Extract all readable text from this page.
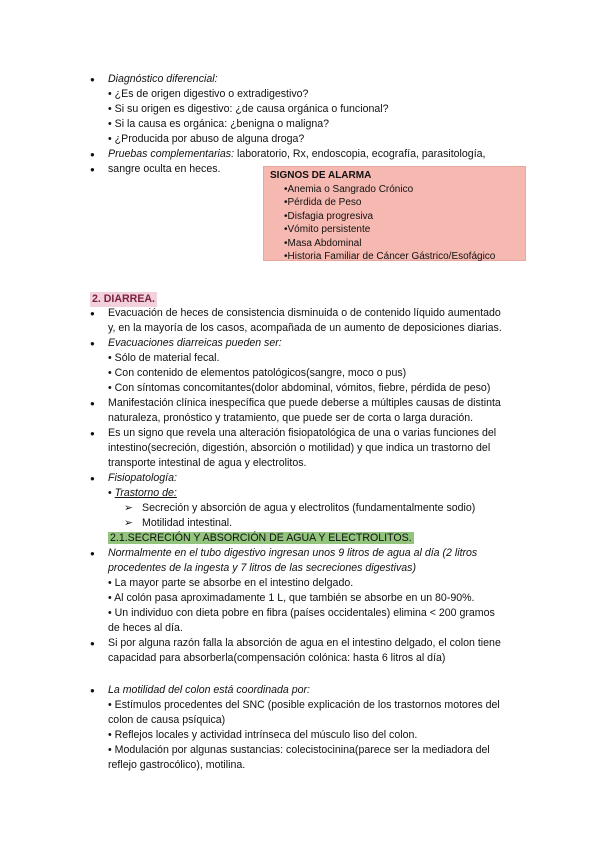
● Diagnóstico diferencial:
• ¿Es de origen digestivo o extradigestivo?
• Si su origen es digestivo: ¿de causa orgánica o funcional?
• Si la causa es orgánica: ¿benigna o maligna?
• ¿Producida por abuso de alguna droga?
● Pruebas complementarias: laboratorio, Rx, endoscopia, ecografía, parasitología,
● sangre oculta en heces.
SIGNOS DE ALARMA
•Anemia o Sangrado Crónico
•Pérdida de Peso
•Disfagia progresiva
•Vómito persistente
•Masa Abdominal
•Historia Familiar de Cáncer Gástrico/Esofágico
2. DIARREA.
● Evacuación de heces de consistencia disminuida o de contenido líquido aumentado
y, en la mayoría de los casos, acompañada de un aumento de deposiciones diarias.
● Evacuaciones diarreicas pueden ser:
• Sólo de material fecal.
• Con contenido de elementos patológicos(sangre, moco o pus)
• Con síntomas concomitantes(dolor abdominal, vómitos, fiebre, pérdida de peso)
● Manifestación clínica inespecífica que puede deberse a múltiples causas de distinta
naturaleza, pronóstico y tratamiento, que puede ser de corta o larga duración.
● Es un signo que revela una alteración fisiopatológica de una o varias funciones del
intestino(secreción, digestión, absorción o motilidad) y que indica un trastorno del
transporte intestinal de agua y electrolitos.
● Fisiopatología:
• Trastorno de:
➢ Secreción y absorción de agua y electrolitos (fundamentalmente sodio)
➢ Motilidad intestinal.
2.1.SECRECIÓN Y ABSORCIÓN DE AGUA Y ELECTROLITOS.
● Normalmente en el tubo digestivo ingresan unos 9 litros de agua al día (2 litros
procedentes de la ingesta y 7 litros de las secreciones digestivas)
• La mayor parte se absorbe en el intestino delgado.
• Al colón pasa aproximadamente 1 L, que también se absorbe en un 80-90%.
• Un individuo con dieta pobre en fibra (países occidentales) elimina < 200 gramos
de heces al día.
● Si por alguna razón falla la absorción de agua en el intestino delgado, el colon tiene
capacidad para absorberla(compensación colónica: hasta 6 litros al día)
● La motilidad del colon está coordinada por:
• Estímulos procedentes del SNC (posible explicación de los trastornos motores del
colon de causa psíquica)
• Reflejos locales y actividad intrínseca del músculo liso del colon.
• Modulación por algunas sustancias: colecistocinina(parece ser la mediadora del
reflejo gastrocólico), motilina.
